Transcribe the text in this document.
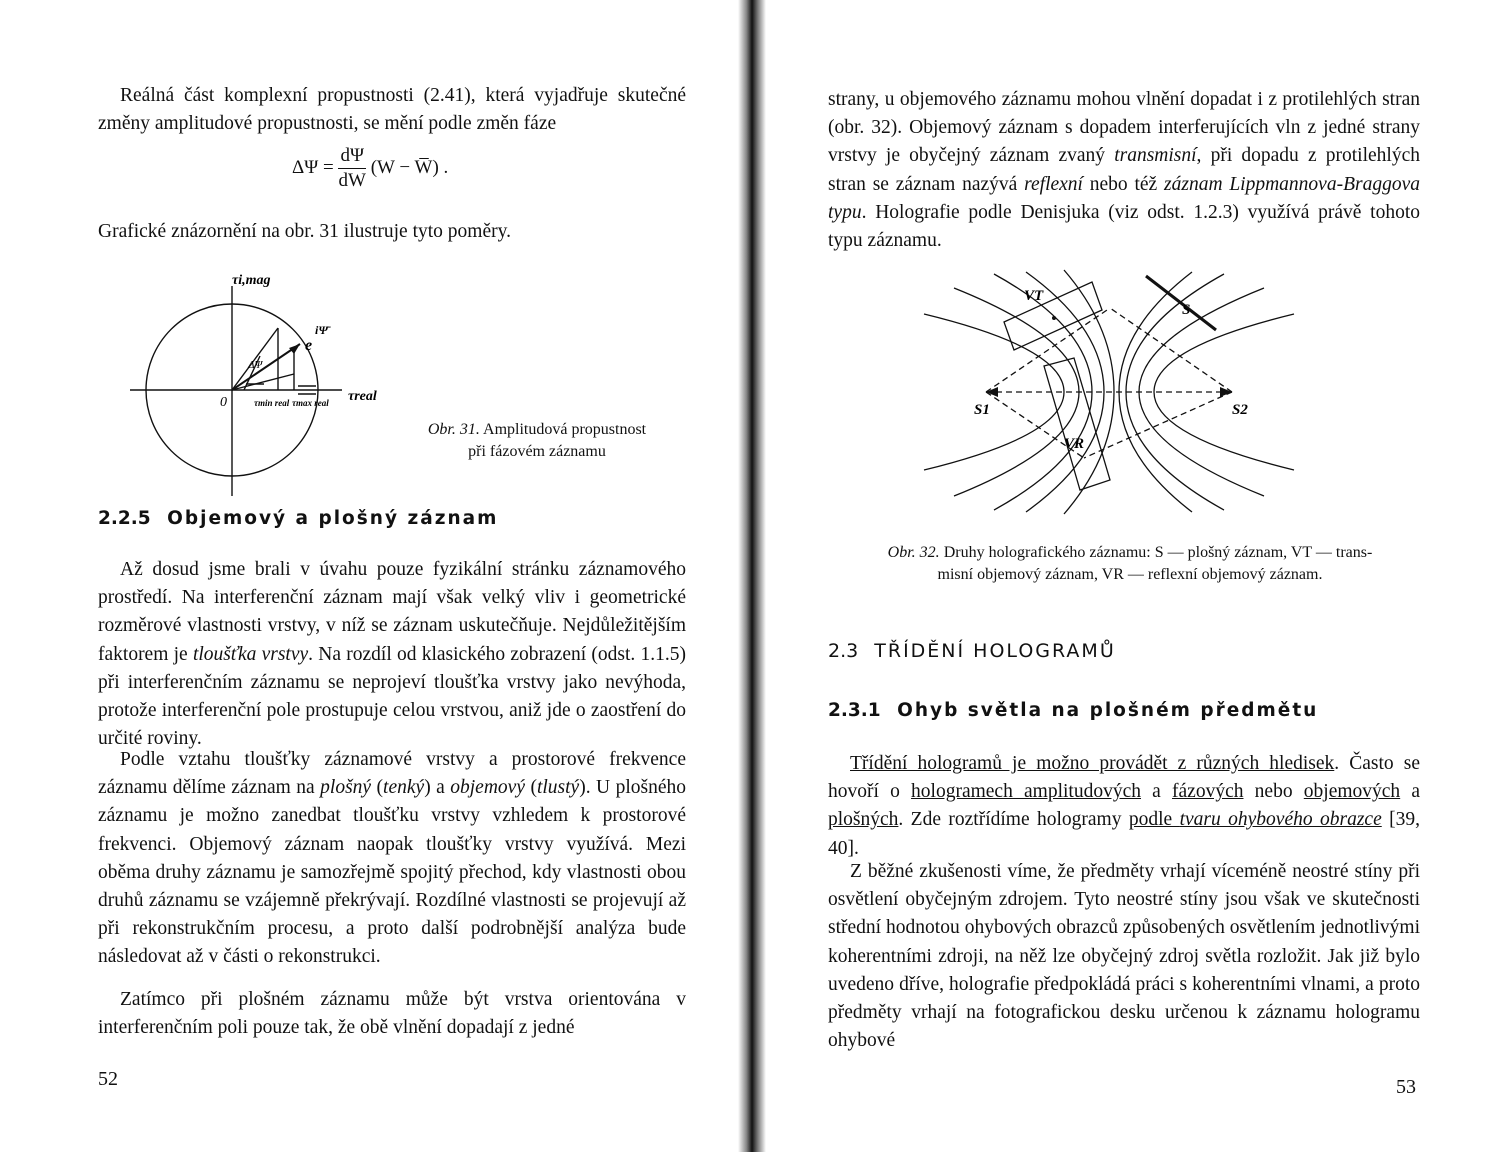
Reálná část komplexní propustnosti (2.41), která vyjadřuje skutečné změny amplitudové propustnosti, se mění podle změn fáze

$\Delta\Psi = \frac{d\Psi}{dW} (W$ − W̅) .

Grafické znázornění na obr. 31 ilustruje tyto poměry.

τi,mag
τreal
0
e
iΨ̄
ΔΨ
τmin real τmax real
Obr. 31. Amplitudová propustnost
při fázovém záznamu
2.2.5 Objemový a plošný záznam

Až dosud jsme brali v úvahu pouze fyzikální stránku záznamového prostředí. Na interferenční záznam mají však velký vliv i geometrické rozměrové vlastnosti vrstvy, v níž se záznam uskutečňuje. Nejdůležitějším faktorem je tloušťka vrstvy. Na rozdíl od klasického zobrazení (odst. 1.1.5) při interferenčním záznamu se neprojeví tloušťka vrstvy jako nevýhoda, protože interferenční pole prostupuje celou vrstvou, aniž jde o zaostření do určité roviny.

Podle vztahu tloušťky záznamové vrstvy a prostorové frekvence záznamu dělíme záznam na plošný (tenký) a objemový (tlustý). U plošného záznamu je možno zanedbat tloušťku vrstvy vzhledem k prostorové frekvenci. Objemový záznam naopak tloušťky vrstvy využívá. Mezi oběma druhy záznamu je samozřejmě spojitý přechod, kdy vlastnosti obou druhů záznamu se vzájemně překrývají. Rozdílné vlastnosti se projevují až při rekonstrukčním procesu, a proto další podrobnější analýza bude následovat až v části o rekonstrukci.

Zatímco při plošném záznamu může být vrstva orientována v interferenčním poli pouze tak, že obě vlnění dopadají z jedné

52

strany, u objemového záznamu mohou vlnění dopadat i z protilehlých stran (obr. 32). Objemový záznam s dopadem interferujících vln z jedné strany vrstvy je obyčejný záznam zvaný transmisní, při dopadu z protilehlých stran se záznam nazývá reflexní nebo též záznam Lippmannova-Braggova typu. Holografie podle Denisjuka (viz odst. 1.2.3) využívá právě tohoto typu záznamu.

VT
S
VR
S1	S2
Obr. 32. Druhy holografického záznamu: S — plošný záznam, VT — trans-
misní objemový záznam, VR — reflexní objemový záznam.
2.3 TŘÍDĚNÍ HOLOGRAMŮ
2.3.1 Ohyb světla na plošném předmětu

Třídění hologramů je možno provádět z různých hledisek. Často se hovoří o hologramech amplitudových a fázových nebo objemových a plošných. Zde roztřídíme hologramy podle tvaru ohybového obrazce [39, 40].

Z běžné zkušenosti víme, že předměty vrhají víceméně neostré stíny při osvětlení obyčejným zdrojem. Tyto neostré stíny jsou však ve skutečnosti střední hodnotou ohybových obrazců způsobených osvětlením jednotlivými koherentními zdroji, na něž lze obyčejný zdroj světla rozložit. Jak již bylo uvedeno dříve, holografie předpokládá práci s koherentními vlnami, a proto předměty vrhají na fotografickou desku určenou k záznamu hologramu ohybové

53
